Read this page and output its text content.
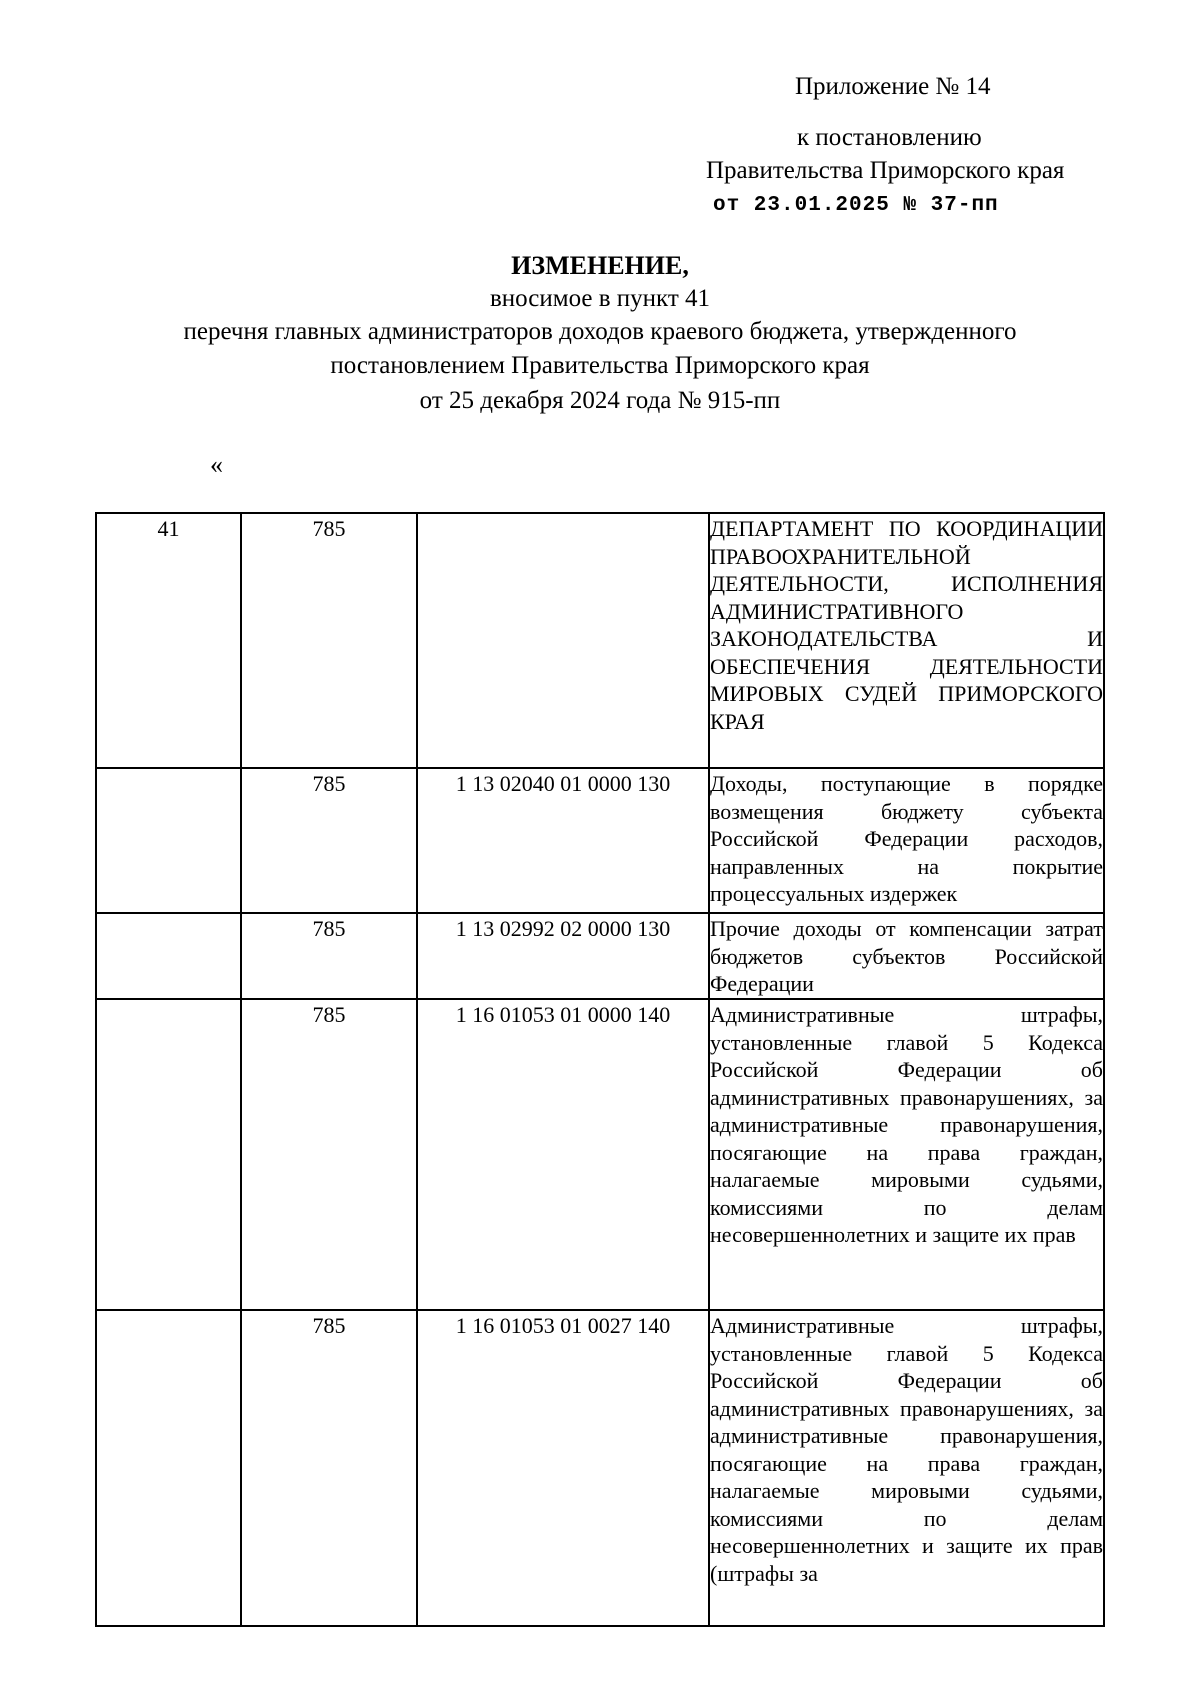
Приложение № 14
к постановлению
Правительства Приморского края
от 23.01.2025 № 37-пп
ИЗМЕНЕНИЕ,
вносимое в пункт 41
перечня главных администраторов доходов краевого бюджета, утвержденного
постановлением Правительства Приморского края
от 25 декабря 2024 года № 915-пп
«
41	785		ДЕПАРТАМЕНТ ПО КООРДИНАЦИИ ПРАВООХРАНИТЕЛЬНОЙ ДЕЯТЕЛЬНОСТИ, ИСПОЛНЕНИЯ АДМИНИСТРАТИВНОГО ЗАКОНОДАТЕЛЬСТВА И ОБЕСПЕЧЕНИЯ ДЕЯТЕЛЬНОСТИ МИРОВЫХ СУДЕЙ ПРИМОРСКОГО КРАЯ
	785	1 13 02040 01 0000 130	Доходы, поступающие в порядке возмещения бюджету субъекта Российской Федерации расходов, направленных на покрытие процессуальных издержек
	785	1 13 02992 02 0000 130	Прочие доходы от компенсации затрат бюджетов субъектов Российской Федерации
	785	1 16 01053 01 0000 140	Административные штрафы, установленные главой 5 Кодекса Российской Федерации об административных правонарушениях, за административные правонарушения, посягающие на права граждан, налагаемые мировыми судьями, комиссиями по делам несовершеннолетних и защите их прав
	785	1 16 01053 01 0027 140	Административные штрафы, установленные главой 5 Кодекса Российской Федерации об административных правонарушениях, за административные правонарушения, посягающие на права граждан, налагаемые мировыми судьями, комиссиями по делам несовершеннолетних и защите их прав (штрафы за
